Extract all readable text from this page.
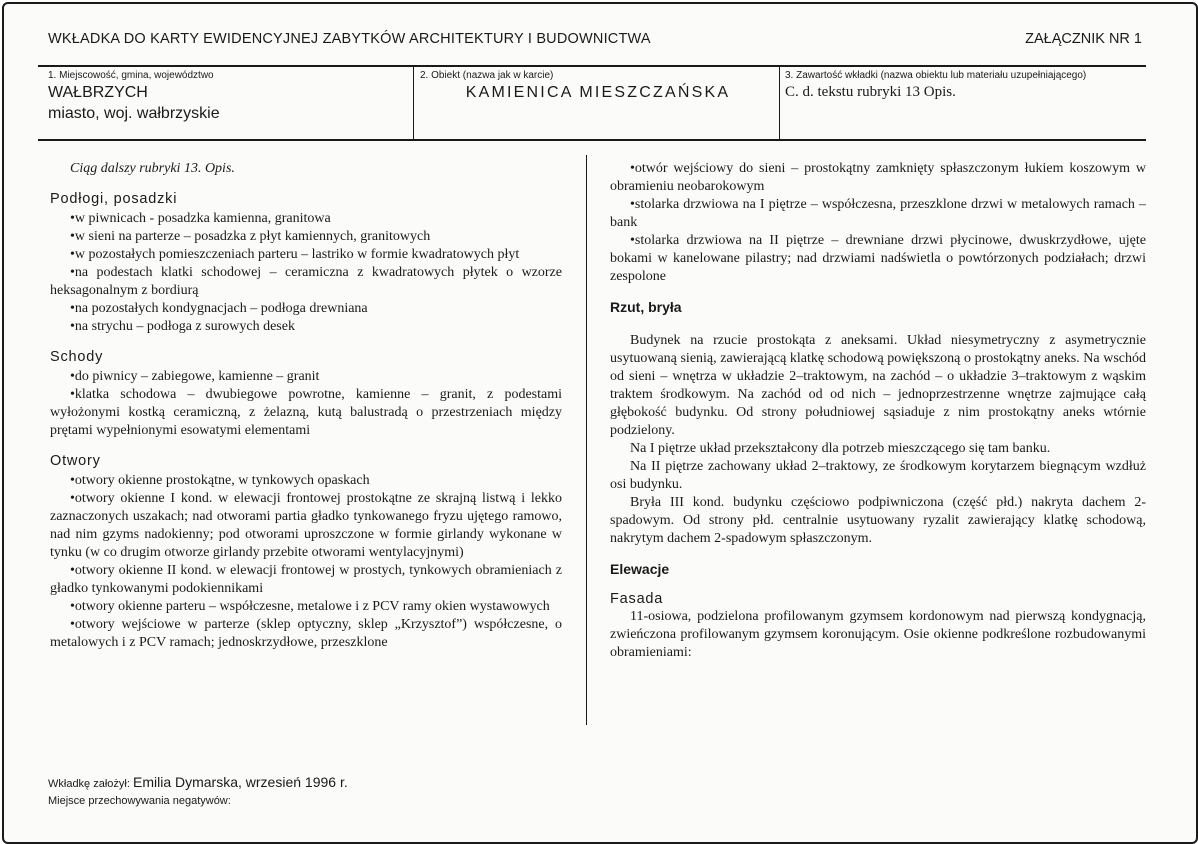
WKŁADKA DO KARTY EWIDENCYJNEJ ZABYTKÓW ARCHITEKTURY I BUDOWNICTWA	ZAŁĄCZNIK NR 1
1. Miejscowość, gmina, województwo
WAŁBRZYCH
miasto, woj. wałbrzyskie
2. Obiekt (nazwa jak w karcie)
KAMIENICA MIESZCZAŃSKA
3. Zawartość wkładki (nazwa obiektu lub materiału uzupełniającego)
C. d. tekstu rubryki 13 Opis.

Ciąg dalszy rubryki 13. Opis.

Podłogi, posadzki

•w piwnicach - posadzka kamienna, granitowa

•w sieni na parterze – posadzka z płyt kamiennych, granitowych

•w pozostałych pomieszczeniach parteru – lastriko w formie kwadratowych płyt

•na podestach klatki schodowej – ceramiczna z kwadratowych płytek o wzorze heksagonalnym z bordiurą

•na pozostałych kondygnacjach – podłoga drewniana

•na strychu – podłoga z surowych desek

Schody

•do piwnicy – zabiegowe, kamienne – granit

•klatka schodowa – dwubiegowe powrotne, kamienne – granit, z podestami wyłożonymi kostką ceramiczną, z żelazną, kutą balustradą o przestrzeniach między prętami wypełnionymi esowatymi elementami

Otwory

•otwory okienne prostokątne, w tynkowych opaskach

•otwory okienne I kond. w elewacji frontowej prostokątne ze skrajną listwą i lekko zaznaczonych uszakach; nad otworami partia gładko tynkowanego fryzu ujętego ramowo, nad nim gzyms nadokienny; pod otworami uproszczone w formie girlandy wykonane w tynku (w co drugim otworze girlandy przebite otworami wentylacyjnymi)

•otwory okienne II kond. w elewacji frontowej w prostych, tynkowych obramieniach z gładko tynkowanymi podokiennikami

•otwory okienne parteru – współczesne, metalowe i z PCV ramy okien wystawowych

•otwory wejściowe w parterze (sklep optyczny, sklep „Krzysztof”) współczesne, o metalowych i z PCV ramach; jednoskrzydłowe, przeszklone

•otwór wejściowy do sieni – prostokątny zamknięty spłaszczonym łukiem koszowym w obramieniu neobarokowym

•stolarka drzwiowa na I piętrze – współczesna, przeszklone drzwi w metalowych ramach – bank

•stolarka drzwiowa na II piętrze – drewniane drzwi płycinowe, dwuskrzydłowe, ujęte bokami w kanelowane pilastry; nad drzwiami nadświetla o powtórzonych podziałach; drzwi zespolone

Rzut, bryła

Budynek na rzucie prostokąta z aneksami. Układ niesymetryczny z asymetrycznie usytuowaną sienią, zawierającą klatkę schodową powiększoną o prostokątny aneks. Na wschód od sieni – wnętrza w układzie 2–traktowym, na zachód – o układzie 3–traktowym z wąskim traktem środkowym. Na zachód od od nich – jednoprzestrzenne wnętrze zajmujące całą głębokość budynku. Od strony południowej sąsiaduje z nim prostokątny aneks wtórnie podzielony.

Na I piętrze układ przekształcony dla potrzeb mieszczącego się tam banku.

Na II piętrze zachowany układ 2–traktowy, ze środkowym korytarzem biegnącym wzdłuż osi budynku.

Bryła III kond. budynku częściowo podpiwniczona (część płd.) nakryta dachem 2-spadowym. Od strony płd. centralnie usytuowany ryzalit zawierający klatkę schodową, nakrytym dachem 2-spadowym spłaszczonym.

Elewacje

Fasada

11-osiowa, podzielona profilowanym gzymsem kordonowym nad pierwszą kondygnacją, zwieńczona profilowanym gzymsem koronującym. Osie okienne podkreślone rozbudowanymi obramieniami:

Wkładkę założył: Emilia Dymarska, wrzesień 1996 r.
Miejsce przechowywania negatywów:
